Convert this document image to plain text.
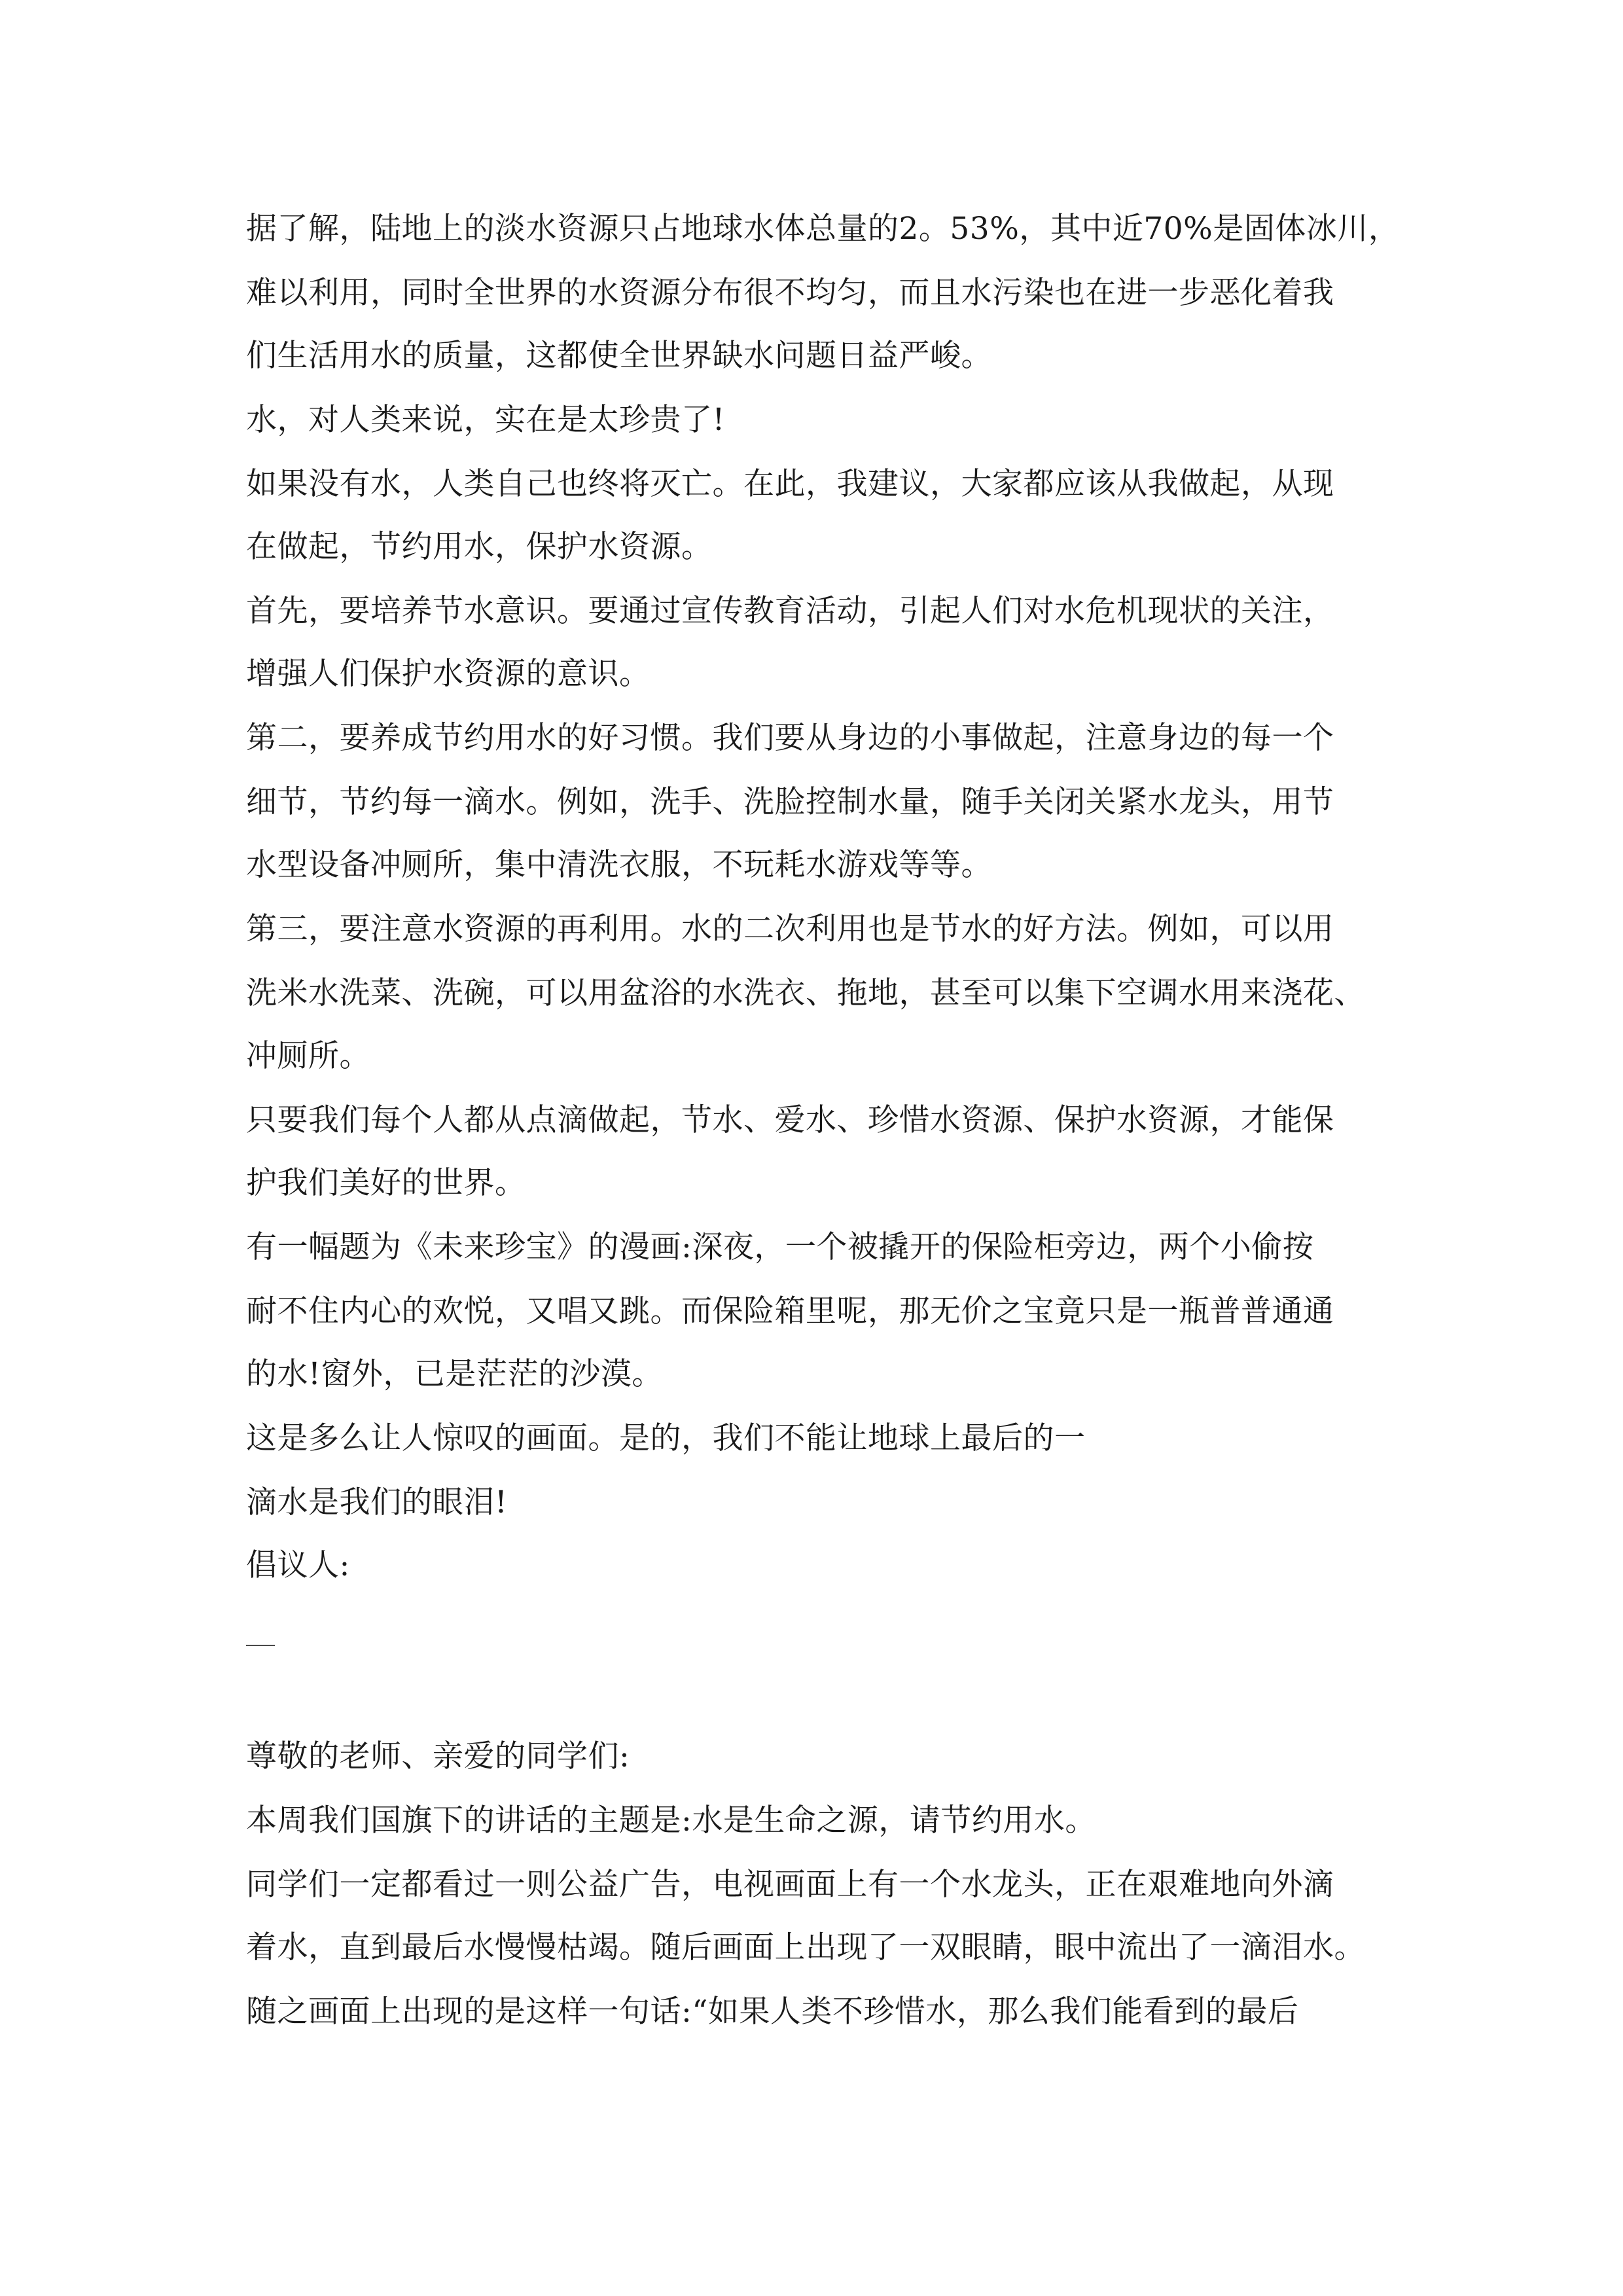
据了解，陆地上的淡水资源只占地球水体总量的2。53%，其中近70%是固体冰川，
难以利用，同时全世界的水资源分布很不均匀，而且水污染也在进一步恶化着我
们生活用水的质量，这都使全世界缺水问题日益严峻。
水，对人类来说，实在是太珍贵了!
如果没有水，人类自己也终将灭亡。在此，我建议，大家都应该从我做起，从现
在做起，节约用水，保护水资源。
首先，要培养节水意识。要通过宣传教育活动，引起人们对水危机现状的关注，
增强人们保护水资源的意识。
第二，要养成节约用水的好习惯。我们要从身边的小事做起，注意身边的每一个
细节，节约每一滴水。例如，洗手、洗脸控制水量，随手关闭关紧水龙头，用节
水型设备冲厕所，集中清洗衣服，不玩耗水游戏等等。
第三，要注意水资源的再利用。水的二次利用也是节水的好方法。例如，可以用
洗米水洗菜、洗碗，可以用盆浴的水洗衣、拖地，甚至可以集下空调水用来浇花、
冲厕所。
只要我们每个人都从点滴做起，节水、爱水、珍惜水资源、保护水资源，才能保
护我们美好的世界。
有一幅题为《未来珍宝》的漫画:深夜，一个被撬开的保险柜旁边，两个小偷按
耐不住内心的欢悦，又唱又跳。而保险箱里呢，那无价之宝竟只是一瓶普普通通
的水!窗外，已是茫茫的沙漠。
这是多么让人惊叹的画面。是的，我们不能让地球上最后的一
滴水是我们的眼泪!
倡议人:
尊敬的老师、亲爱的同学们:
本周我们国旗下的讲话的主题是:水是生命之源，请节约用水。
同学们一定都看过一则公益广告，电视画面上有一个水龙头，正在艰难地向外滴
着水，直到最后水慢慢枯竭。随后画面上出现了一双眼睛，眼中流出了一滴泪水。
随之画面上出现的是这样一句话:“如果人类不珍惜水，那么我们能看到的最后
